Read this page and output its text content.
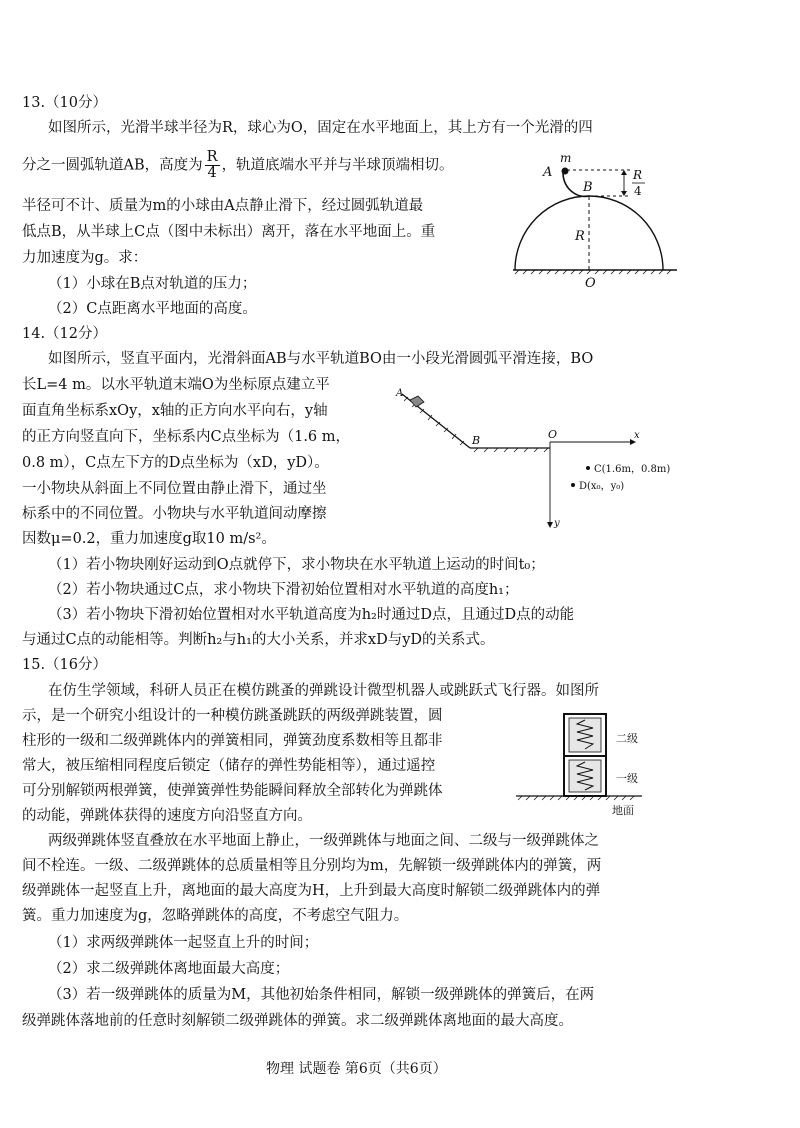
13.（10分）
如图所示，光滑半球半径为R，球心为O，固定在水平地面上，其上方有一个光滑的四
分之一圆弧轨道AB，高度为 $\frac{R}{4}$ ，轨道底端水平并与半球顶端相切。
半径可不计、质量为m的小球由A点静止滑下，经过圆弧轨道最
低点B，从半球上C点（图中未标出）离开，落在水平地面上。重
力加速度为g。求：
（1）小球在B点对轨道的压力；
（2）C点距离水平地面的高度。
m
A
B
R
4
R
O
14.（12分）
如图所示，竖直平面内，光滑斜面AB与水平轨道BO由一小段光滑圆弧平滑连接，BO
长L=4 m。以水平轨道末端O为坐标原点建立平
面直角坐标系xOy，x轴的正方向水平向右，y轴
的正方向竖直向下，坐标系内C点坐标为（1.6 m，
0.8 m），C点左下方的D点坐标为（xD，yD）。
一小物块从斜面上不同位置由静止滑下，通过坐
标系中的不同位置。小物块与水平轨道间动摩擦
因数μ=0.2，重力加速度g取10 m/s²。
（1）若小物块刚好运动到O点就停下，求小物块在水平轨道上运动的时间t₀；
（2）若小物块通过C点，求小物块下滑初始位置相对水平轨道的高度h₁；
（3）若小物块下滑初始位置相对水平轨道高度为h₂时通过D点，且通过D点的动能
与通过C点的动能相等。判断h₂与h₁的大小关系，并求xD与yD的关系式。
A
B	O	x
y
C(1.6m，0.8m)
D(x₀，y₀)
15.（16分）
在仿生学领域，科研人员正在模仿跳蚤的弹跳设计微型机器人或跳跃式飞行器。如图所
示，是一个研究小组设计的一种模仿跳蚤跳跃的两级弹跳装置，圆
柱形的一级和二级弹跳体内的弹簧相同，弹簧劲度系数相等且都非
常大，被压缩相同程度后锁定（储存的弹性势能相等），通过遥控
可分别解锁两根弹簧，使弹簧弹性势能瞬间释放全部转化为弹跳体
的动能，弹跳体获得的速度方向沿竖直方向。
两级弹跳体竖直叠放在水平地面上静止，一级弹跳体与地面之间、二级与一级弹跳体之
间不栓连。一级、二级弹跳体的总质量相等且分别均为m，先解锁一级弹跳体内的弹簧，两
级弹跳体一起竖直上升，离地面的最大高度为H，上升到最大高度时解锁二级弹跳体内的弹
簧。重力加速度为g，忽略弹跳体的高度，不考虑空气阻力。
（1）求两级弹跳体一起竖直上升的时间；
（2）求二级弹跳体离地面最大高度；
（3）若一级弹跳体的质量为M，其他初始条件相同，解锁一级弹跳体的弹簧后，在两
级弹跳体落地前的任意时刻解锁二级弹跳体的弹簧。求二级弹跳体离地面的最大高度。
二级
一级
地面
物理 试题卷 第6页（共6页）
